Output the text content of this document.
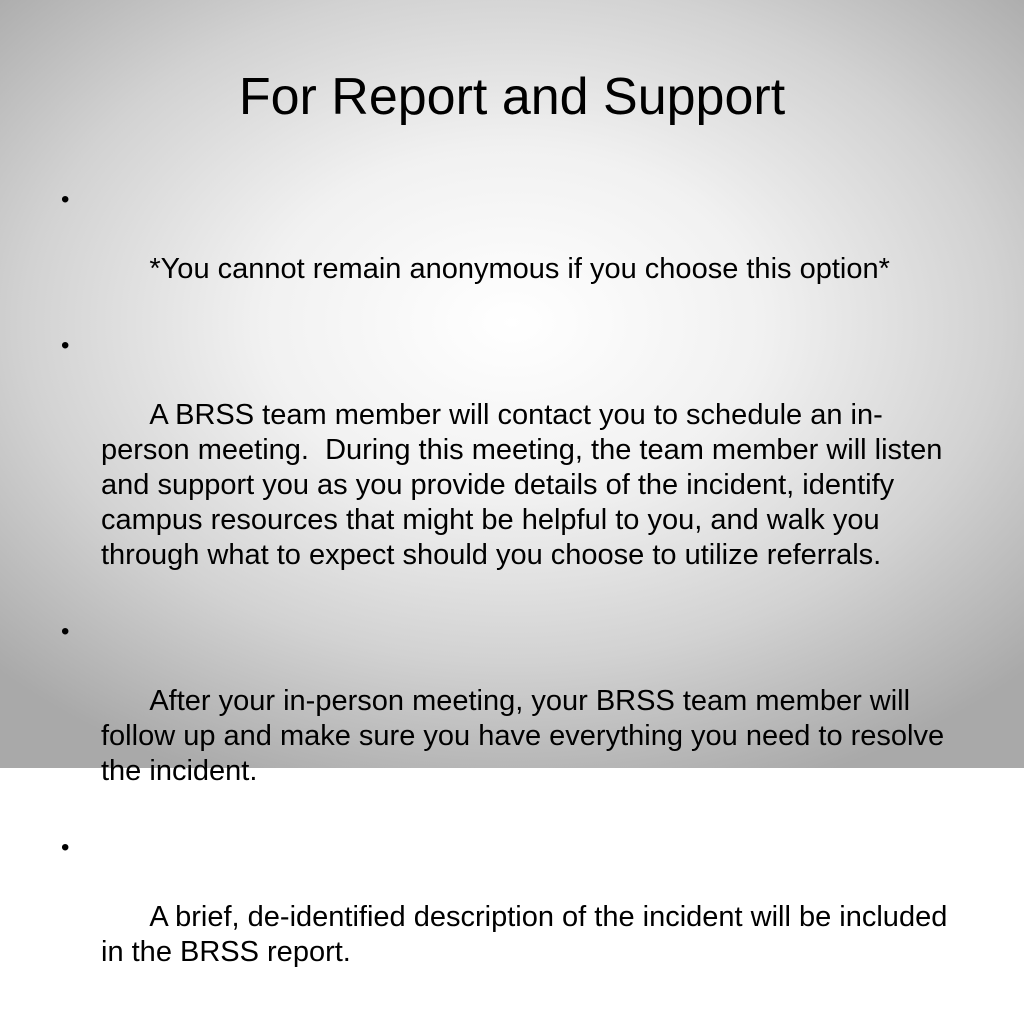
For Report and Support

•

*You cannot remain anonymous if you choose this option*

•

A BRSS team member will contact you to schedule an in-person meeting.  During this meeting, the team member will listen and support you as you provide details of the incident, identify campus resources that might be helpful to you, and walk you through what to expect should you choose to utilize referrals.

•

After your in-person meeting, your BRSS team member will follow up and make sure you have everything you need to resolve the incident.

•

A brief, de-identified description of the incident will be included in the BRSS report.
